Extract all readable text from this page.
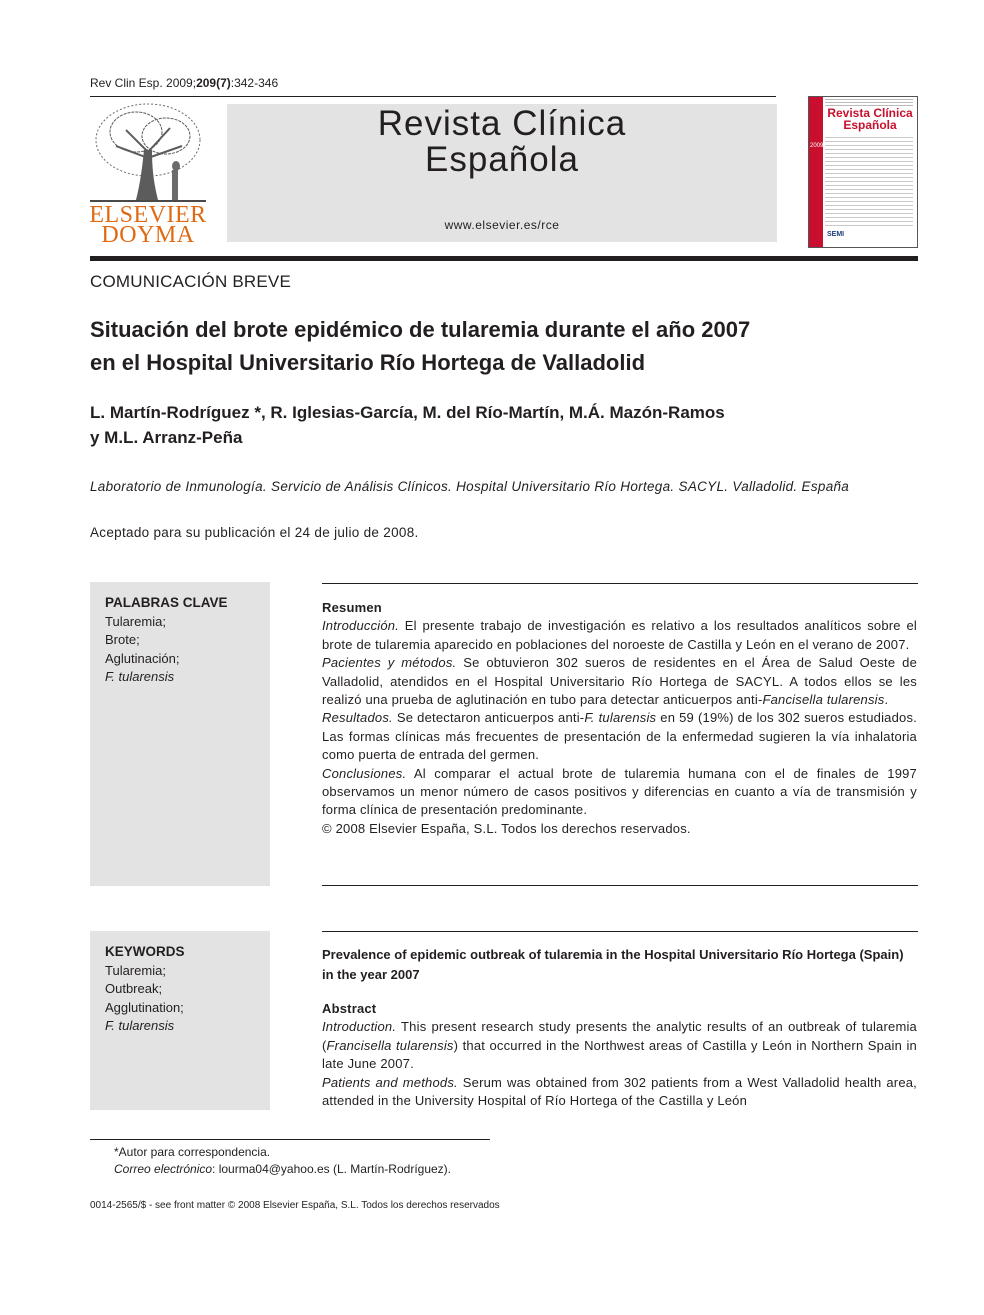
Rev Clin Esp. 2009;209(7):342-346
ELSEVIER
DOYMA
Revista Clínica
Española
www.elsevier.es/rce
Revista Clínica
Española
2009
SEMI
COMUNICACIÓN BREVE
Situación del brote epidémico de tularemia durante el año 2007
en el Hospital Universitario Río Hortega de Valladolid
L. Martín-Rodríguez *, R. Iglesias-García, M. del Río-Martín, M.Á. Mazón-Ramos
y M.L. Arranz-Peña
Laboratorio de Inmunología. Servicio de Análisis Clínicos. Hospital Universitario Río Hortega. SACYL. Valladolid. España
Aceptado para su publicación el 24 de julio de 2008.
PALABRAS CLAVE
Tularemia;
Brote;
Aglutinación;
F. tularensis
Resumen
Introducción. El presente trabajo de investigación es relativo a los resultados analíticos sobre el brote de tularemia aparecido en poblaciones del noroeste de Castilla y León en el verano de 2007.
Pacientes y métodos. Se obtuvieron 302 sueros de residentes en el Área de Salud Oeste de Valladolid, atendidos en el Hospital Universitario Río Hortega de SACYL. A todos ellos se les realizó una prueba de aglutinación en tubo para detectar anticuerpos anti-Fancisella tularensis.
Resultados. Se detectaron anticuerpos anti-F. tularensis en 59 (19%) de los 302 sueros estudiados. Las formas clínicas más frecuentes de presentación de la enfermedad sugieren la vía inhalatoria como puerta de entrada del germen.
Conclusiones. Al comparar el actual brote de tularemia humana con el de finales de 1997 observamos un menor número de casos positivos y diferencias en cuanto a vía de transmisión y forma clínica de presentación predominante.
© 2008 Elsevier España, S.L. Todos los derechos reservados.
KEYWORDS
Tularemia;
Outbreak;
Agglutination;
F. tularensis
Prevalence of epidemic outbreak of tularemia in the Hospital Universitario Río Hortega (Spain) in the year 2007
Abstract
Introduction. This present research study presents the analytic results of an outbreak of tularemia (Francisella tularensis) that occurred in the Northwest areas of Castilla y León in Northern Spain in late June 2007.
Patients and methods. Serum was obtained from 302 patients from a West Valladolid health area, attended in the University Hospital of Río Hortega of the Castilla y León
*Autor para correspondencia.
Correo electrónico: lourma04@yahoo.es (L. Martín-Rodríguez).
0014-2565/$ - see front matter © 2008 Elsevier España, S.L. Todos los derechos reservados
